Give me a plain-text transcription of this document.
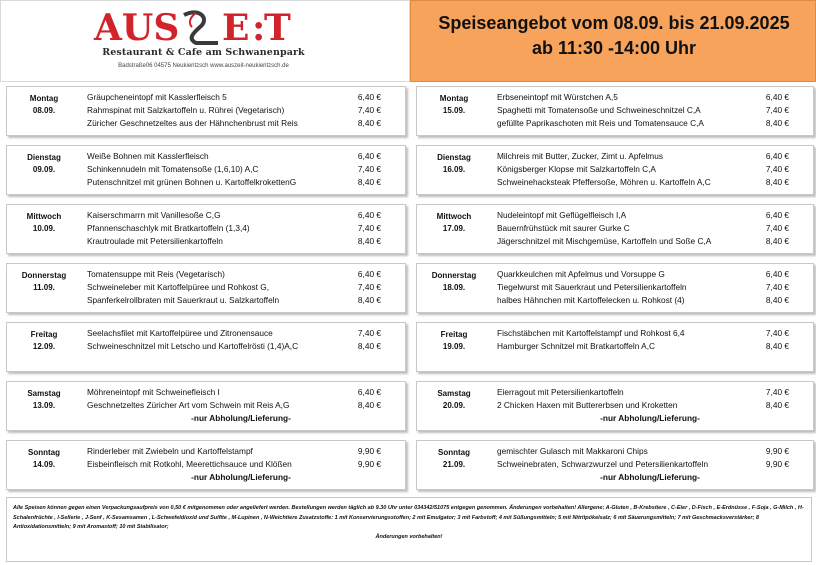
AUS E :
T
Restaurant & Cafe am Schwanenpark
Badstraße06 04575 Neukieritzsch www.auszeit-neukieritzsch.de
Speiseangebot vom 08.09. bis 21.09.2025
ab 11:30 -14:00 Uhr
Montag
08.09.
Gräupcheneintopf mit Kasslerfleisch 5	6,40 €
Rahmspinat mit Salzkartoffeln u. Rührei (Vegetarisch)	7,40 €
Züricher Geschnetzeltes aus der Hähnchenbrust mit Reis	8,40 €
Dienstag
09.09.
Weiße Bohnen mit Kasslerfleisch	6,40 €
Schinkennudeln mit Tomatensoße (1,6,10) A,C	7,40 €
Putenschnitzel mit grünen Bohnen u. KartoffelkrokettenG	8,40 €
Mittwoch
10.09.
Kaiserschmarrn mit Vanillesoße C,G	6,40 €
Pfannenschaschlyk mit Bratkartoffeln (1,3,4)	7,40 €
Krautroulade mit Petersilienkartoffeln	8,40 €
Donnerstag
11.09.
Tomatensuppe mit Reis (Vegetarisch)	6,40 €
Schweineleber mit Kartoffelpüree und Rohkost G,	7,40 €
Spanferkelrollbraten mit Sauerkraut u. Salzkartoffeln	8,40 €
Freitag
12.09.
Seelachsfilet mit Kartoffelpüree und Zitronensauce	7,40 €
Schweineschnitzel mit Letscho und Kartoffelrösti (1,4)A,C	8,40 €
Samstag
13.09.
Möhreneintopf mit Schweinefleisch I	6,40 €
Geschnetzeltes Züricher Art vom Schwein mit Reis A,G	8,40 €
-nur Abholung/Lieferung-
Sonntag
14.09.
Rinderleber mit Zwiebeln und Kartoffelstampf	9,90 €
Eisbeinfleisch mit Rotkohl, Meerettichsauce und Klößen	9,90 €
-nur Abholung/Lieferung-
Montag
15.09.
Erbseneintopf mit Würstchen A,5	6,40 €
Spaghetti mit Tomatensoße und Schweineschnitzel C,A	7,40 €
gefüllte Paprikaschoten mit Reis und Tomatensauce C,A	8,40 €
Dienstag
16.09.
Milchreis mit Butter, Zucker, Zimt u. Apfelmus	6,40 €
Königsberger Klopse mit Salzkartoffeln C,A	7,40 €
Schweinehacksteak Pfeffersoße, Möhren u. Kartoffeln A,C	8,40 €
Mittwoch
17.09.
Nudeleintopf mit Geflügelfleisch I,A	6,40 €
Bauernfrühstück mit saurer Gurke C	7,40 €
Jägerschnitzel mit Mischgemüse, Kartoffeln und Soße C,A	8,40 €
Donnerstag
18.09.
Quarkkeulchen mit Apfelmus und Vorsuppe G	6,40 €
Tiegelwurst mit Sauerkraut und Petersilienkartoffeln	7,40 €
halbes Hähnchen mit Kartoffelecken u. Rohkost (4)	8,40 €
Freitag
19.09.
Fischstäbchen mit Kartoffelstampf und Rohkost 6,4	7,40 €
Hamburger Schnitzel mit Bratkartoffeln A,C	8,40 €
Samstag
20.09.
Eierragout mit Petersilienkartoffeln	7,40 €
2 Chicken Haxen mit Buttererbsen und Kroketten	8,40 €
-nur Abholung/Lieferung-
Sonntag
21.09.
gemischter Gulasch mit Makkaroni Chips	9,90 €
Schweinebraten, Schwarzwurzel und Petersilienkartoffeln	9,90 €
-nur Abholung/Lieferung-
Alle Speisen können gegen einen Verpackungsaufpreis von 0,50 € mitgenommen oder angeliefert werden. Bestellungen werden täglich ab 9.30 Uhr unter 034342/51075 entgegen genommen. Änderungen vorbehalten! Allergene; A-Gluten , B-Krebstiere , C-Eier , D-Fisch , E-Erdnüsse , F-Soja , G-Milch , H-Schalenfrüchte , I-Sellerie , J-Senf , K-Sesamsamen , L-Schwefeldioxid und Sulfite , M-Lupinen , N-Weichtiere Zusatzstoffe: 1 mit Konservierungsstoffen; 2 mit Emulgator; 3 mit Farbstoff; 4 mit Süßungsmitteln; 5 mit Nitritpökelsalz; 6 mit Säuerungsmitteln; 7 mit Geschmacksverstärker; 8 Antioxidationsmitteln; 9 mit Aromastoff; 10 mit Stabilisator;
Änderungen vorbehalten!
